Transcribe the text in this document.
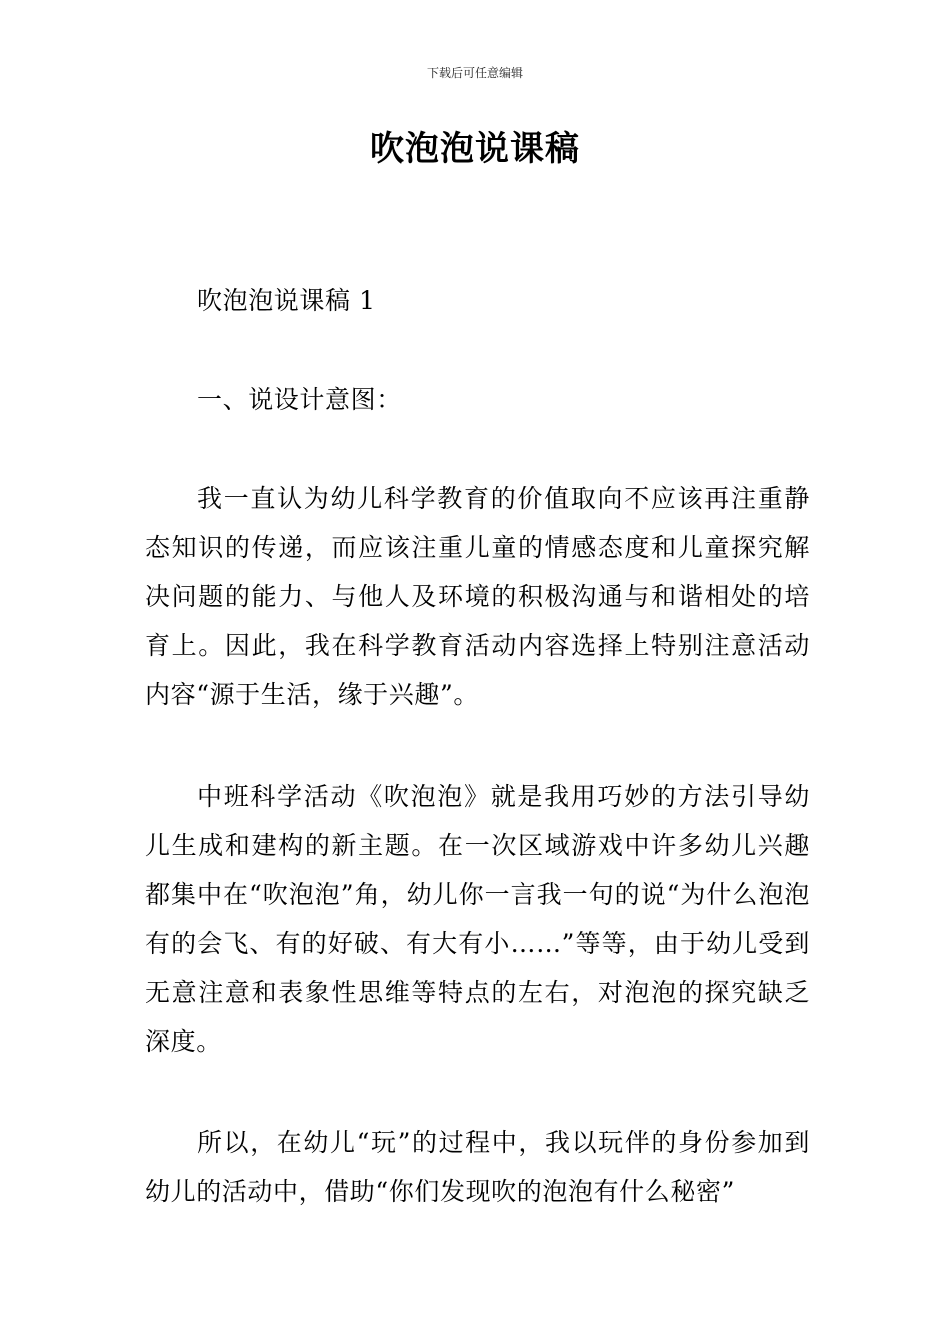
下载后可任意编辑
吹泡泡说课稿

吹泡泡说课稿 1

一、说设计意图：

我一直认为幼儿科学教育的价值取向不应该再注重静态知识的传递，而应该注重儿童的情感态度和儿童探究解决问题的能力、与他人及环境的积极沟通与和谐相处的培育上。因此，我在科学教育活动内容选择上特别注意活动内容“源于生活，缘于兴趣”。

中班科学活动《吹泡泡》就是我用巧妙的方法引导幼儿生成和建构的新主题。在一次区域游戏中许多幼儿兴趣都集中在“吹泡泡”角，幼儿你一言我一句的说“为什么泡泡有的会飞、有的好破、有大有小……”等等，由于幼儿受到无意注意和表象性思维等特点的左右，对泡泡的探究缺乏深度。

所以，在幼儿“玩”的过程中，我以玩伴的身份参加到幼儿的活动中，借助“你们发现吹的泡泡有什么秘密”
